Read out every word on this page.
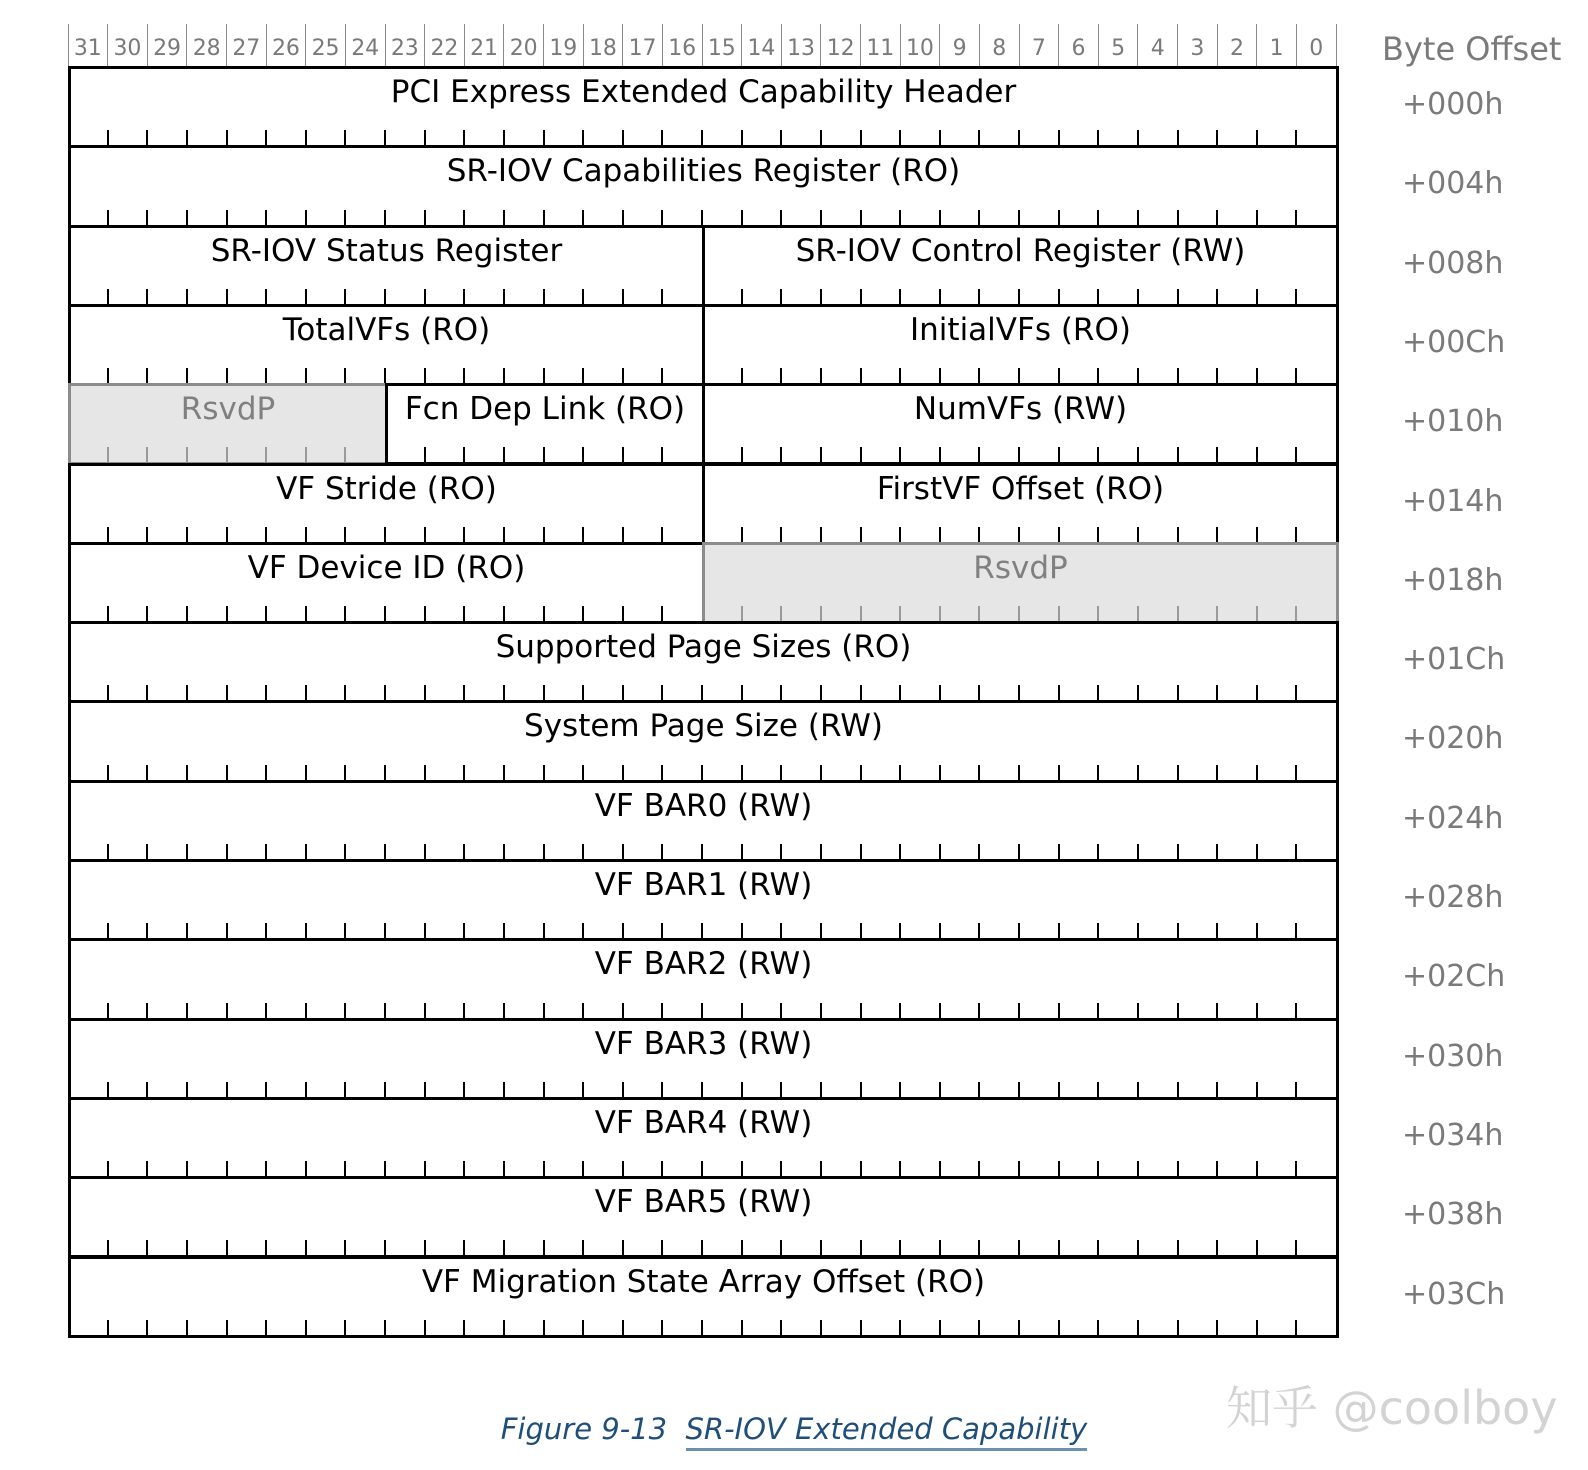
31 30 29 28 27 26 25 24 23 22 21 20 19 18 17 16 15 14 13 12 11 10 9	8	7	6	5	4	3	2	1	0	Byte Offset
PCI Express Extended Capability Header	+000h
SR-IOV Capabilities Register (RO)	+004h
SR-IOV Status Register	SR-IOV Control Register (RW)	+008h
TotalVFs (RO)	InitialVFs (RO)	+00Ch
RsvdP	Fcn Dep Link (RO)	NumVFs (RW)	+010h
VF Stride (RO)	FirstVF Offset (RO)	+014h
VF Device ID (RO)	RsvdP	+018h
Supported Page Sizes (RO)	+01Ch
System Page Size (RW)	+020h
VF BAR0 (RW)	+024h
VF BAR1 (RW)	+028h
VF BAR2 (RW)	+02Ch
VF BAR3 (RW)	+030h
VF BAR4 (RW)	+034h
VF BAR5 (RW)	+038h
VF Migration State Array Offset (RO)	+03Ch
知乎 @coolboy
Figure 9-13 SR-IOV Extended Capability
